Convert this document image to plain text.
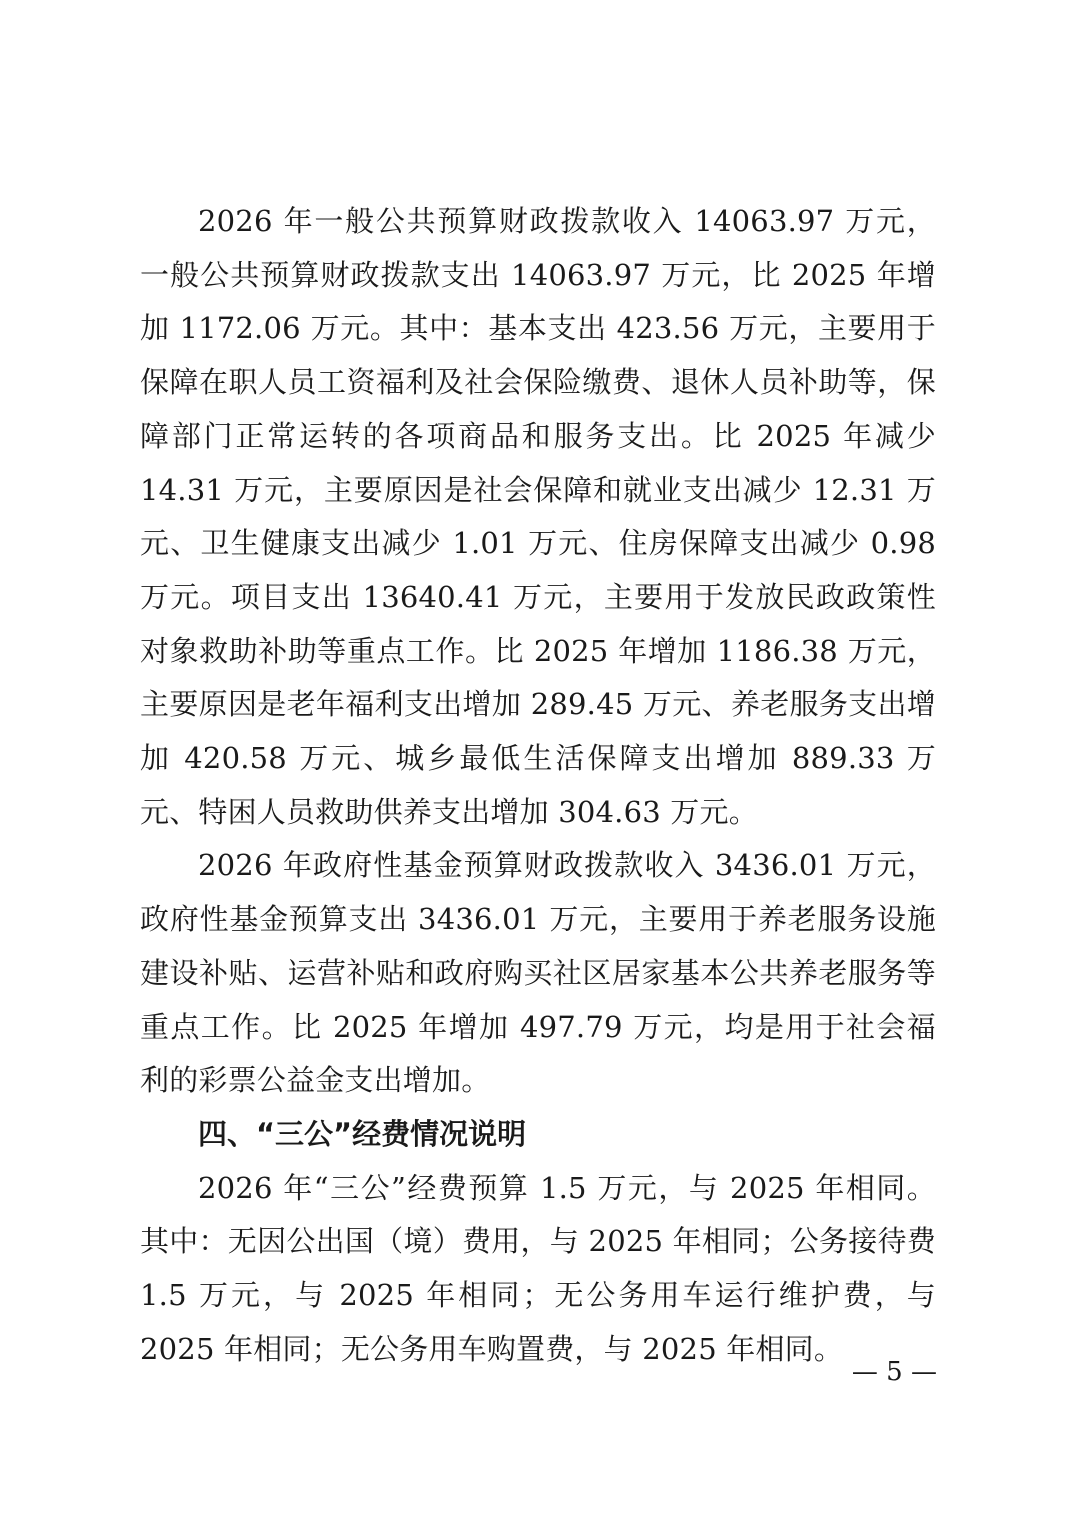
2026 年一般公共预算财政拨款收入 14063.97 万元，一般公共预算财政拨款支出 14063.97 万元，比 2025 年增加 1172.06 万元。其中：基本支出 423.56 万元，主要用于保障在职人员工资福利及社会保险缴费、退休人员补助等，保障部门正常运转的各项商品和服务支出。比 2025 年减少 14.31 万元，主要原因是社会保障和就业支出减少 12.31 万元、卫生健康支出减少 1.01 万元、住房保障支出减少 0.98 万元。项目支出 13640.41 万元，主要用于发放民政政策性对象救助补助等重点工作。比 2025 年增加 1186.38 万元，主要原因是老年福利支出增加 289.45 万元、养老服务支出增加 420.58 万元、城乡最低生活保障支出增加 889.33 万元、特困人员救助供养支出增加 304.63 万元。

2026 年政府性基金预算财政拨款收入 3436.01 万元，政府性基金预算支出 3436.01 万元，主要用于养老服务设施建设补贴、运营补贴和政府购买社区居家基本公共养老服务等重点工作。比 2025 年增加 497.79 万元，均是用于社会福利的彩票公益金支出增加。

四、“三公”经费情况说明

2026 年“三公”经费预算 1.5 万元，与 2025 年相同。其中：无因公出国（境）费用，与 2025 年相同；公务接待费 1.5 万元，与 2025 年相同；无公务用车运行维护费，与 2025 年相同；无公务用车购置费，与 2025 年相同。

— 5 —
